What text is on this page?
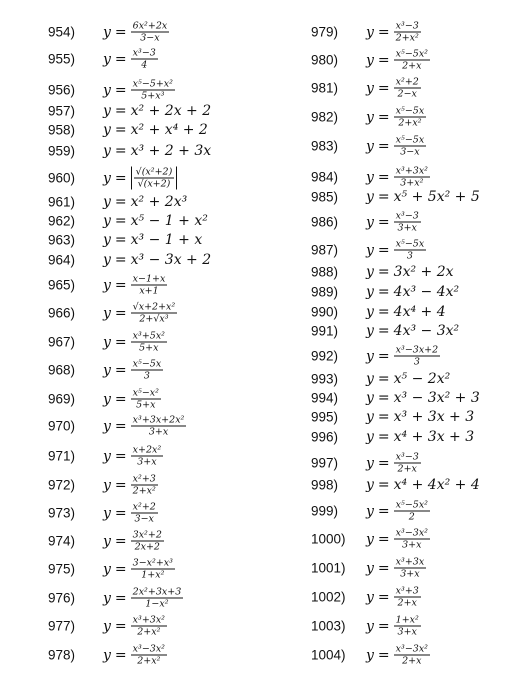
954)	$y = \frac{\text{6x²+2x}}{3-x}$
955)	$y = \frac{\text{x³−3}}{4}$
956)	$y = \frac{\text{x⁵−5+x²}}{\text{5+x³}}$
957)	y = x² + 2x + 2
958)	y = x² + x⁴ + 2
959)	y = x³ + 2 + 3x
960)	$y = \frac{\text{√(x²+2)}}{√(x+2)}$
961)	y = x² + 2x³
962)	y = x⁵ − 1 + x²
963)	y = x³ − 1 + x
964)	y = x³ − 3x + 2
965)	$y = \frac{x-1+x}{x+1}$
966)	$y = \frac{\text{√x+2+x²}}{\text{2+√x³}}$
967)	$y = \frac{\text{x³+5x²}}{5+x}$
968)	$y = \frac{\text{x⁵−5x}}{3}$
969)	$y = \frac{\text{x⁵−x²}}{5+x}$
970)	$y = \frac{\text{x³+3x+2x²}}{3+x}$
971)	$y = \frac{\text{x+2x²}}{3+x}$
972)	$y = \frac{\text{x²+3}}{\text{2+x²}}$
973)	$y = \frac{\text{x²+2}}{3-x}$
974)	$y = \frac{\text{3x²+2}}{2x+2}$
975)	$y = \frac{\text{3−x²+x³}}{\text{1+x²}}$
976)	$y = \frac{\text{2x²+3x+3}}{\text{1−x²}}$
977)	$y = \frac{\text{x³+3x²}}{\text{2+x²}}$
978)	$y = \frac{\text{x³−3x²}}{\text{2+x²}}$
979)	$y = \frac{\text{x³−3}}{\text{2+x²}}$
980)	$y = \frac{\text{x⁵−5x²}}{2+x}$
981)	$y = \frac{\text{x²+2}}{2-x}$
982)	$y = \frac{\text{x⁵−5x}}{\text{2+x²}}$
983)	$y = \frac{\text{x⁵−5x}}{3-x}$
984)	$y = \frac{\text{x³+3x²}}{\text{3+x²}}$
985)	y = x⁵ + 5x² + 5
986)	$y = \frac{\text{x³−3}}{3+x}$
987)	$y = \frac{\text{x⁵−5x}}{3}$
988)	y = 3x² + 2x
989)	y = 4x³ − 4x²
990)	y = 4x⁴ + 4
991)	y = 4x³ − 3x²
992)	$y = \frac{\text{x³−3x+2}}{3}$
993)	y = x⁵ − 2x²
994)	y = x³ − 3x² + 3
995)	y = x³ + 3x + 3
996)	y = x⁴ + 3x + 3
997)	$y = \frac{\text{x³−3}}{2+x}$
998)	y = x⁴ + 4x² + 4
999)	$y = \frac{\text{x⁵−5x²}}{2}$
1000)	$y = \frac{\text{x³−3x²}}{3+x}$
1001)	$y = \frac{\text{x³+3x}}{3+x}$
1002)	$y = \frac{\text{x³+3}}{2+x}$
1003)	$y = \frac{\text{1+x²}}{3+x}$
1004)	$y = \frac{\text{x³−3x²}}{2+x}$
